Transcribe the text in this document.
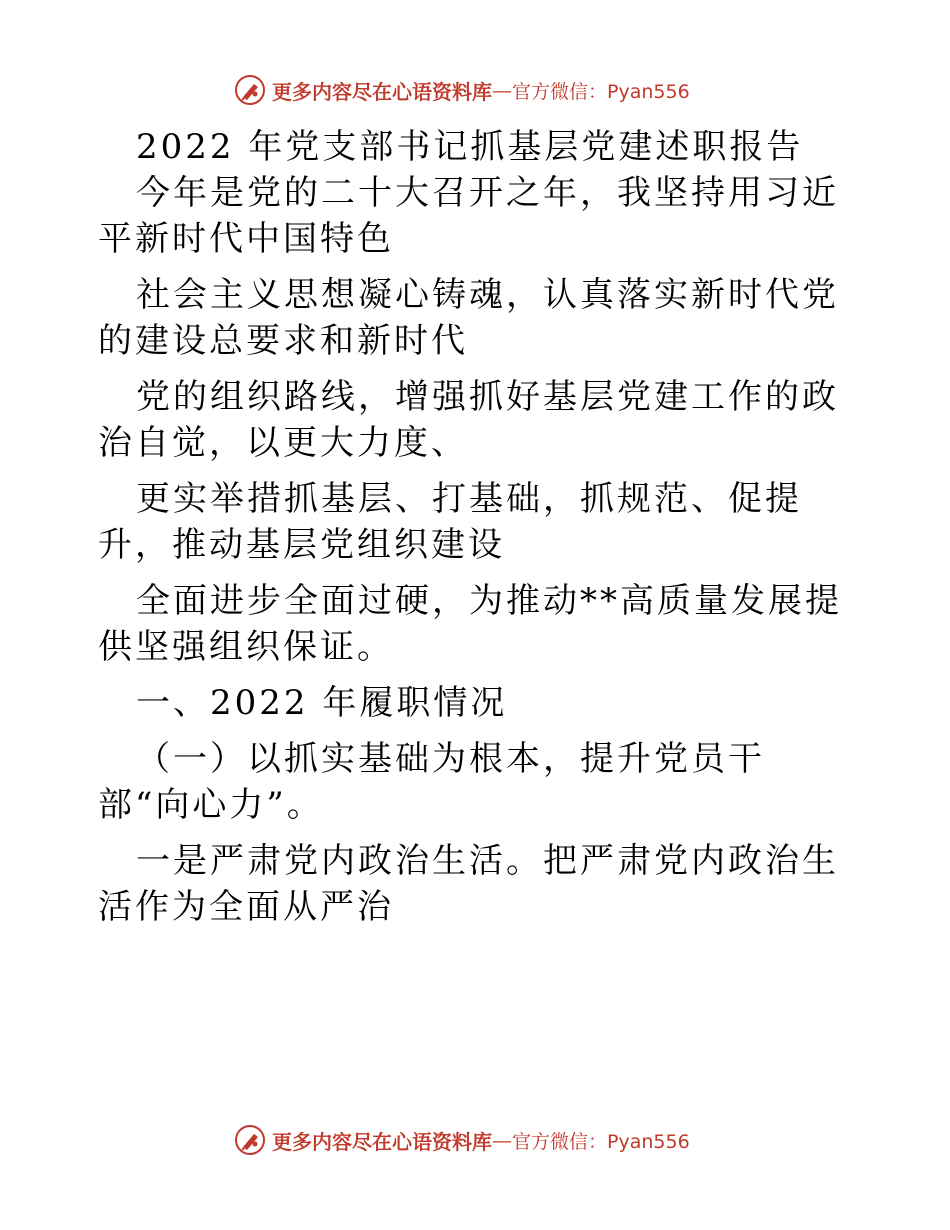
更多内容尽在心语资料库 — 官方微信：Pyan556

2022 年党支部书记抓基层党建述职报告

今年是党的二十大召开之年，我坚持用习近平新时代中国特色

社会主义思想凝心铸魂，认真落实新时代党的建设总要求和新时代

党的组织路线，增强抓好基层党建工作的政治自觉，以更大力度、

更实举措抓基层、打基础，抓规范、促提升，推动基层党组织建设

全面进步全面过硬，为推动**高质量发展提供坚强组织保证。

一、2022 年履职情况

（一）以抓实基础为根本，提升党员干部“向心力”。

一是严肃党内政治生活。把严肃党内政治生活作为全面从严治

更多内容尽在心语资料库 — 官方微信：Pyan556
